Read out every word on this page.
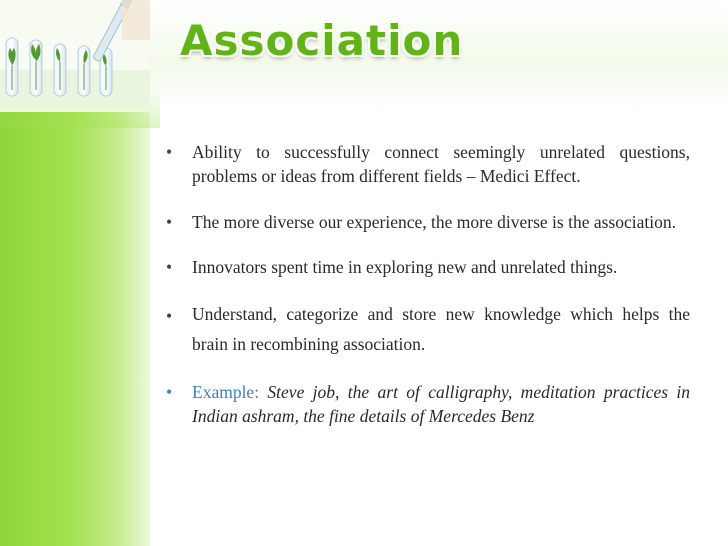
Association
• Ability to successfully connect seemingly unrelated questions, problems or ideas from different fields – Medici Effect.
• The more diverse our experience, the more diverse is the association.
• Innovators spent time in exploring new and unrelated things.
• Understand, categorize and store new knowledge which helps the brain in recombining association.
• Example: Steve job, the art of calligraphy, meditation practices in        Indian ashram, the fine details of Mercedes Benz
